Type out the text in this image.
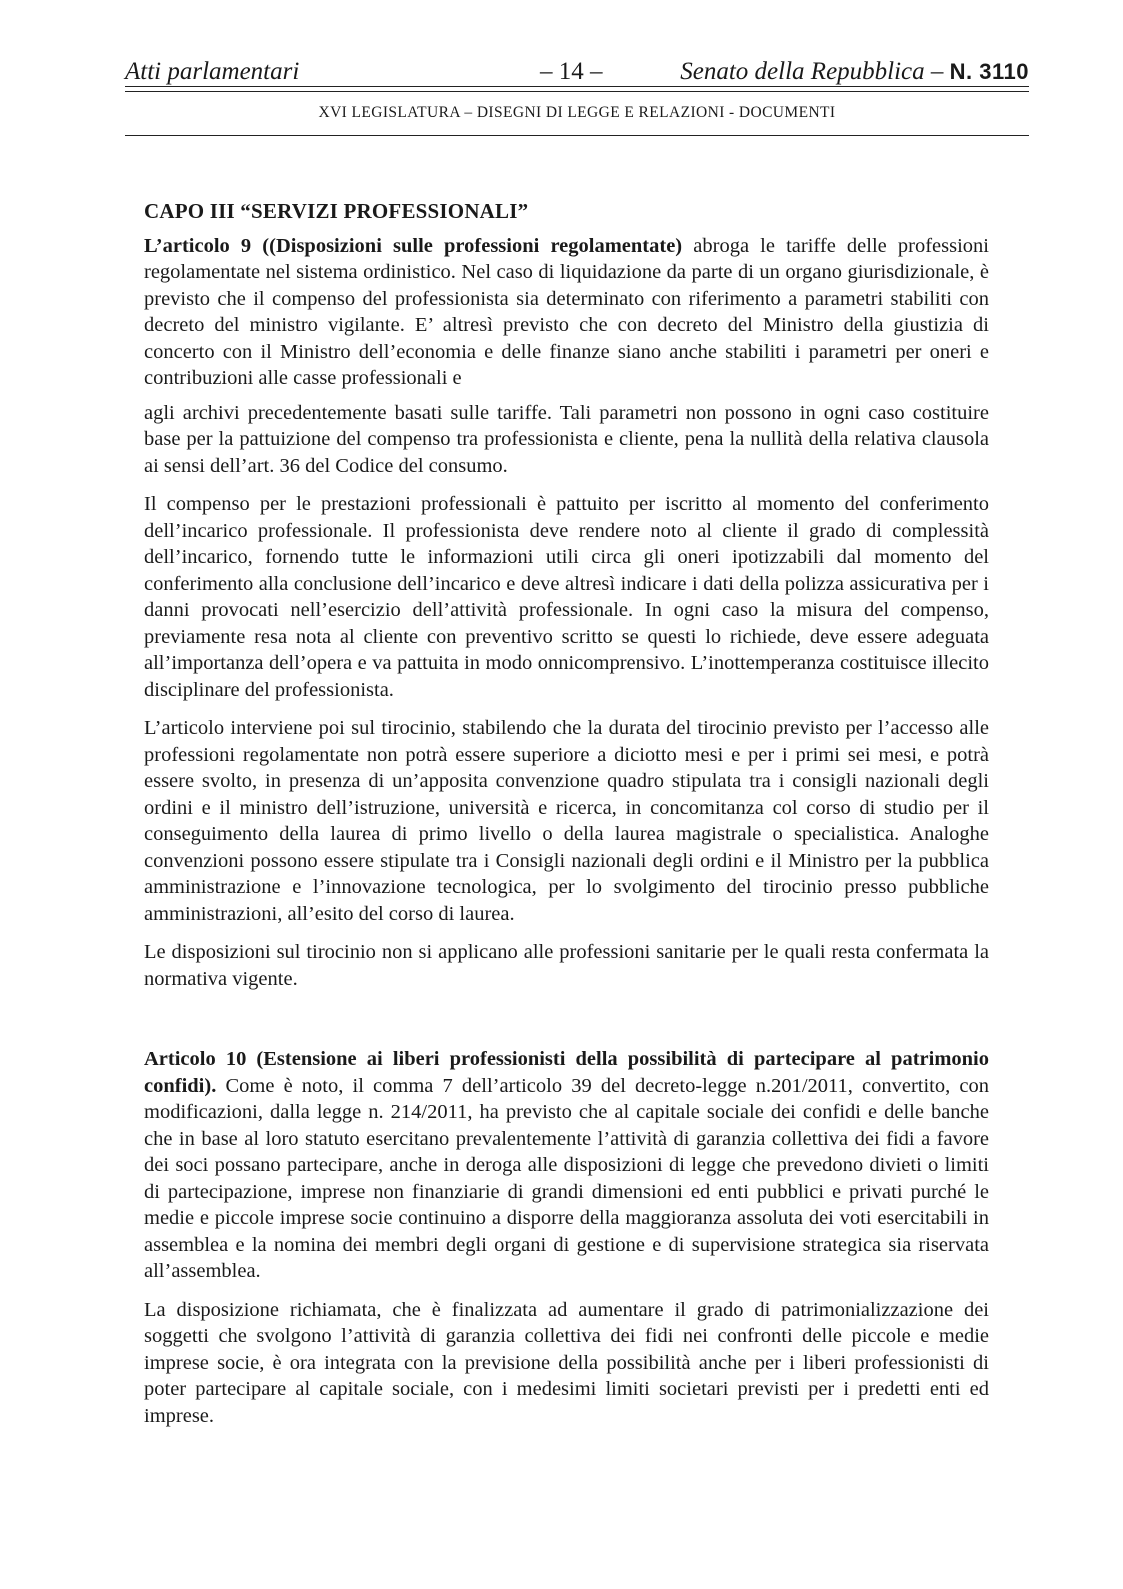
Atti parlamentari	– 14 –	Senato della Repubblica – N. 3110
XVI LEGISLATURA – DISEGNI DI LEGGE E RELAZIONI - DOCUMENTI
CAPO III “SERVIZI PROFESSIONALI”

L’articolo 9 ((Disposizioni sulle professioni regolamentate) abroga le tariffe delle professioni regolamentate nel sistema ordinistico. Nel caso di liquidazione da parte di un organo giurisdizionale, è previsto che il compenso del professionista sia determinato con riferimento a parametri stabiliti con decreto del ministro vigilante. E’ altresì previsto che con decreto del Ministro della giustizia di concerto con il Ministro dell’economia e delle finanze siano anche stabiliti i parametri per oneri e contribuzioni alle casse professionali e

agli archivi precedentemente basati sulle tariffe. Tali parametri non possono in ogni caso costituire base per la pattuizione del compenso tra professionista e cliente, pena la nullità della relativa clausola ai sensi dell’art. 36 del Codice del consumo.

Il compenso per le prestazioni professionali è pattuito per iscritto al momento del conferimento dell’incarico professionale. Il professionista deve rendere noto al cliente il grado di complessità dell’incarico, fornendo tutte le informazioni utili circa gli oneri ipotizzabili dal momento del conferimento alla conclusione dell’incarico e deve altresì indicare i dati della polizza assicurativa per i danni provocati nell’esercizio dell’attività professionale. In ogni caso la misura del compenso, previamente resa nota al cliente con preventivo scritto se questi lo richiede, deve essere adeguata all’importanza dell’opera e va pattuita in modo onnicomprensivo. L’inottemperanza costituisce illecito disciplinare del professionista.

L’articolo interviene poi sul tirocinio, stabilendo che la durata del tirocinio previsto per l’accesso alle professioni regolamentate non potrà essere superiore a diciotto mesi e per i primi sei mesi, e potrà essere svolto, in presenza di un’apposita convenzione quadro stipulata tra i consigli nazionali degli ordini e il ministro dell’istruzione, università e ricerca, in concomitanza col corso di studio per il conseguimento della laurea di primo livello o della laurea magistrale o specialistica. Analoghe convenzioni possono essere stipulate tra i Consigli nazionali degli ordini e il Ministro per la pubblica amministrazione e l’innovazione tecnologica, per lo svolgimento del tirocinio presso pubbliche amministrazioni, all’esito del corso di laurea.

Le disposizioni sul tirocinio non si applicano alle professioni sanitarie per le quali resta confermata la normativa vigente.

Articolo 10 (Estensione ai liberi professionisti della possibilità di partecipare al patrimonio confidi). Come è noto, il comma 7 dell’articolo 39 del decreto-legge n.201/2011, convertito, con modificazioni, dalla legge n. 214/2011, ha previsto che al capitale sociale dei confidi e delle banche che in base al loro statuto esercitano prevalentemente l’attività di garanzia collettiva dei fidi a favore dei soci possano partecipare, anche in deroga alle disposizioni di legge che prevedono divieti o limiti di partecipazione, imprese non finanziarie di grandi dimensioni ed enti pubblici e privati purché le medie e piccole imprese socie continuino a disporre della maggioranza assoluta dei voti esercitabili in assemblea e la nomina dei membri degli organi di gestione e di supervisione strategica sia riservata all’assemblea.

La disposizione richiamata, che è finalizzata ad aumentare il grado di patrimonializzazione dei soggetti che svolgono l’attività di garanzia collettiva dei fidi nei confronti delle piccole e medie imprese socie, è ora integrata con la previsione della possibilità anche per i liberi professionisti di poter partecipare al capitale sociale, con i medesimi limiti societari previsti per i predetti enti ed imprese.
